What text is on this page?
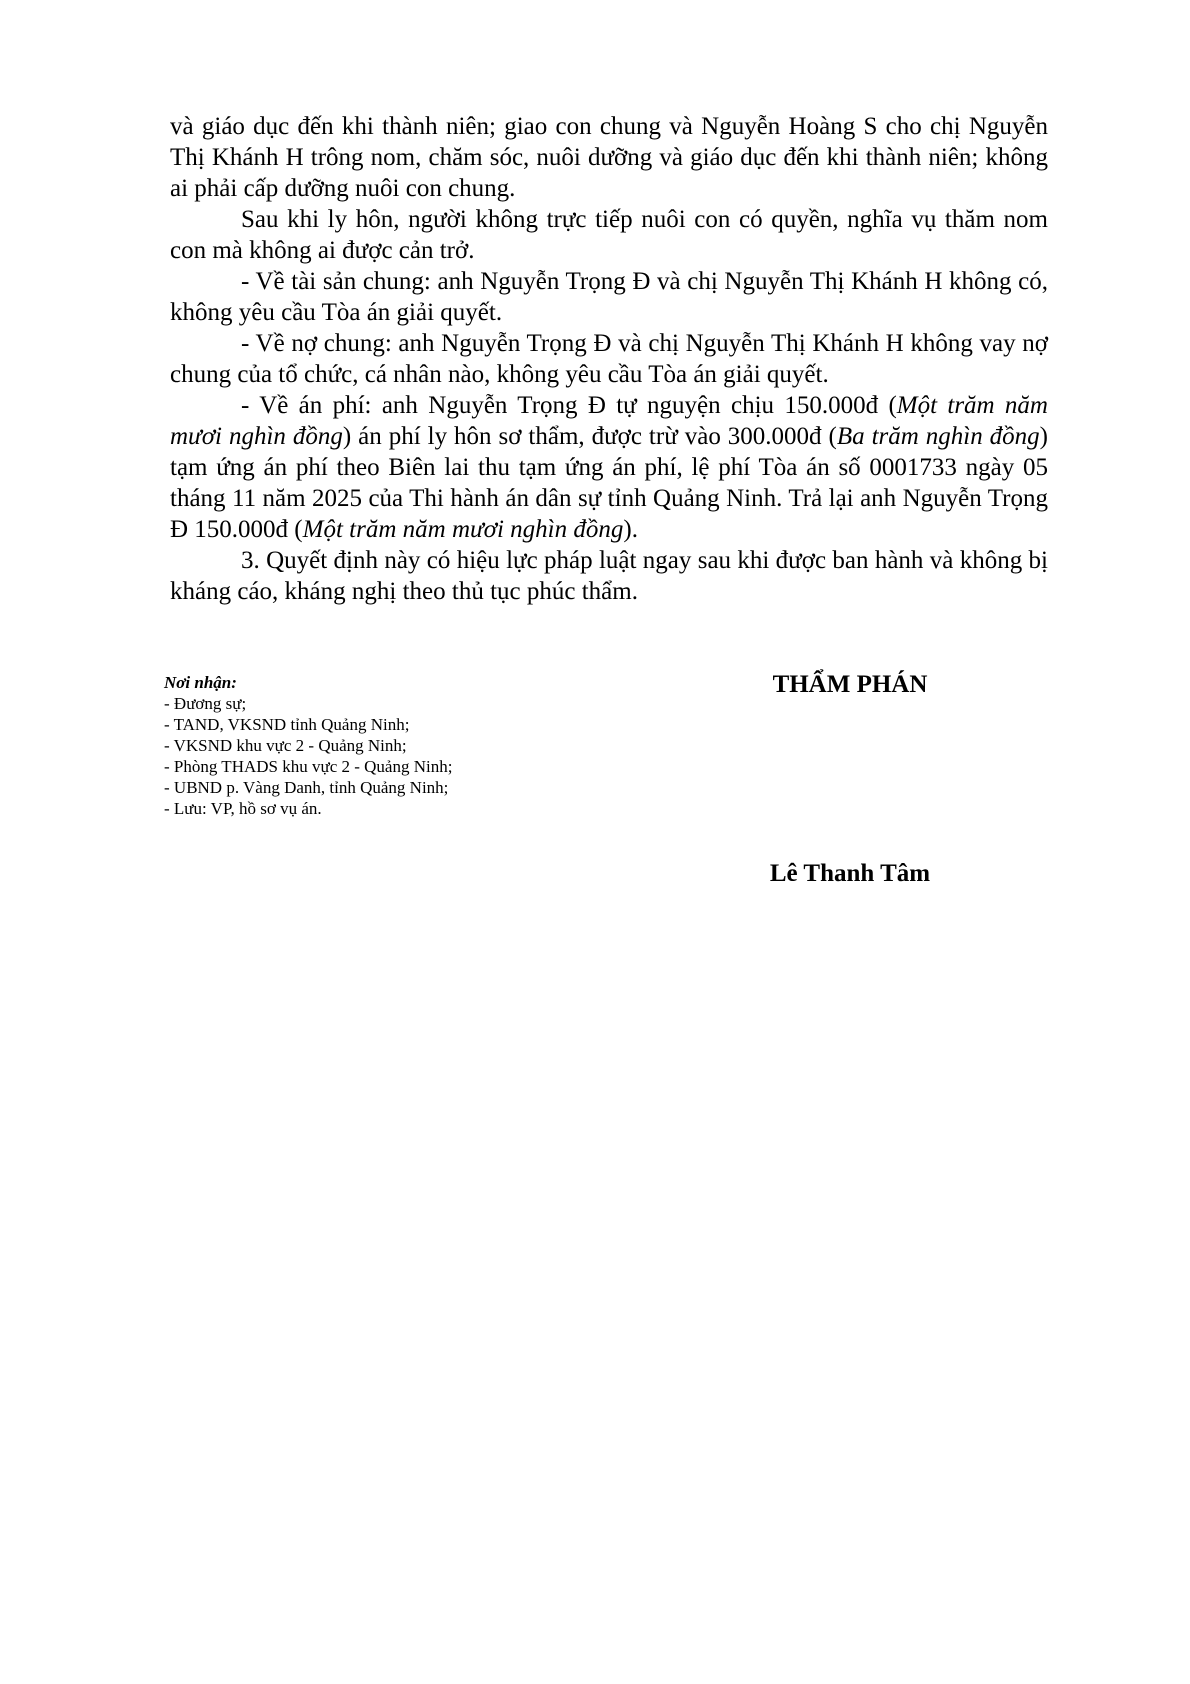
và giáo dục đến khi thành niên; giao con chung và Nguyễn Hoàng S cho chị Nguyễn Thị Khánh H trông nom, chăm sóc, nuôi dưỡng và giáo dục đến khi thành niên; không ai phải cấp dưỡng nuôi con chung.

Sau khi ly hôn, người không trực tiếp nuôi con có quyền, nghĩa vụ thăm nom con mà không ai được cản trở.

- Về tài sản chung: anh Nguyễn Trọng Đ và chị Nguyễn Thị Khánh H không có, không yêu cầu Tòa án giải quyết.

- Về nợ chung: anh Nguyễn Trọng Đ và chị Nguyễn Thị Khánh H không vay nợ chung của tổ chức, cá nhân nào, không yêu cầu Tòa án giải quyết.

- Về án phí: anh Nguyễn Trọng Đ tự nguyện chịu 150.000đ (Một trăm năm mươi nghìn đồng) án phí ly hôn sơ thẩm, được trừ vào 300.000đ (Ba trăm nghìn đồng) tạm ứng án phí theo Biên lai thu tạm ứng án phí, lệ phí Tòa án số 0001733 ngày 05 tháng 11 năm 2025 của Thi hành án dân sự tỉnh Quảng Ninh. Trả lại anh Nguyễn Trọng Đ 150.000đ (Một trăm năm mươi nghìn đồng).

3. Quyết định này có hiệu lực pháp luật ngay sau khi được ban hành và không bị kháng cáo, kháng nghị theo thủ tục phúc thẩm.

Nơi nhận:

- Đương sự;
- TAND, VKSND tỉnh Quảng Ninh;
- VKSND khu vực 2 - Quảng Ninh;
- Phòng THADS khu vực 2 - Quảng Ninh;
- UBND p. Vàng Danh, tỉnh Quảng Ninh;
- Lưu: VP, hồ sơ vụ án.

THẨM PHÁN

Lê Thanh Tâm
